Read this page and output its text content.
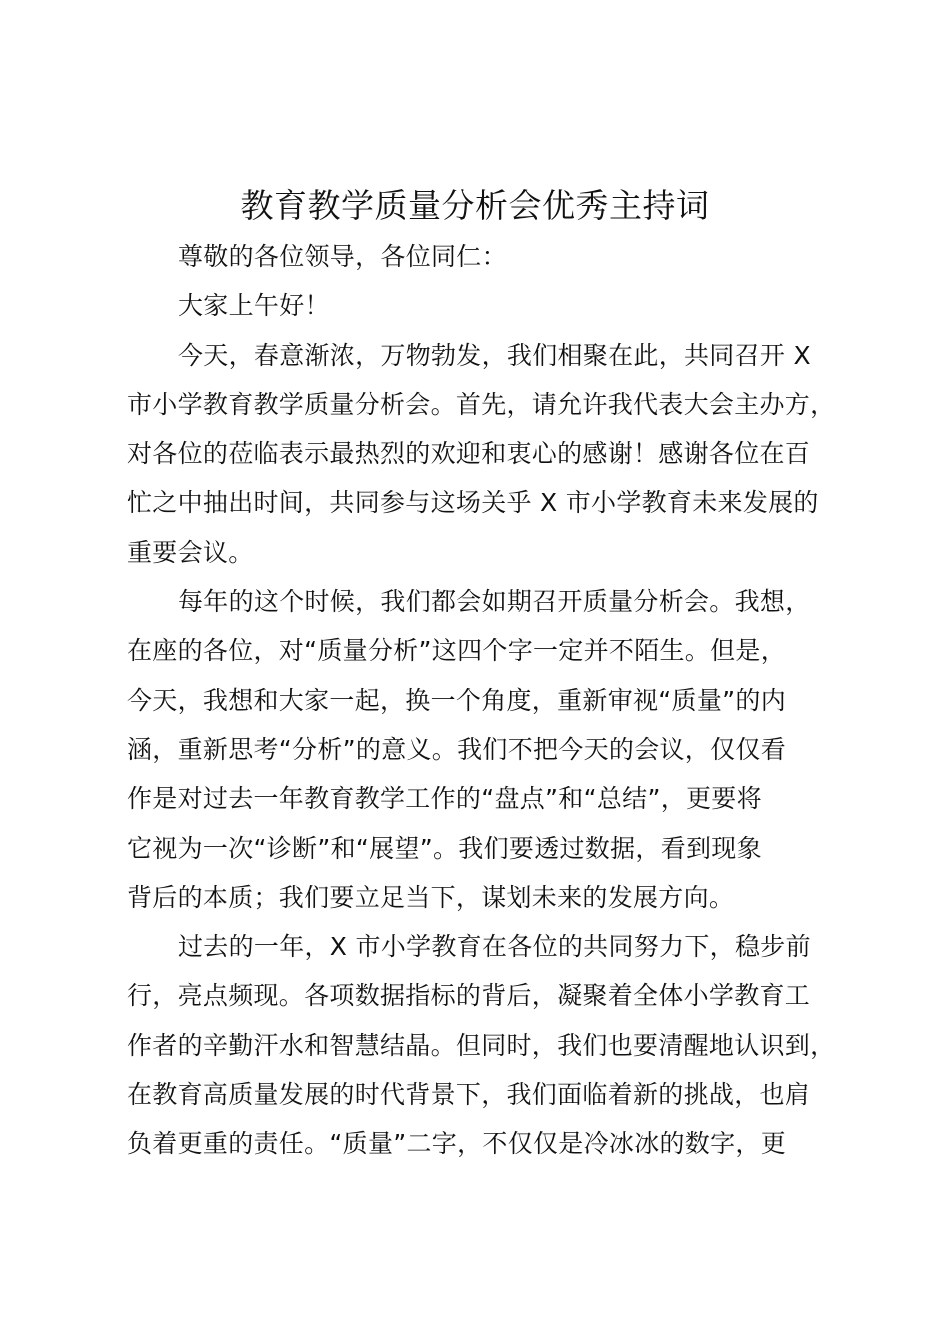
教育教学质量分析会优秀主持词
尊敬的各位领导，各位同仁：
大家上午好！
今天，春意渐浓，万物勃发，我们相聚在此，共同召开 X
市小学教育教学质量分析会。首先，请允许我代表大会主办方，
对各位的莅临表示最热烈的欢迎和衷心的感谢！感谢各位在百
忙之中抽出时间，共同参与这场关乎 X 市小学教育未来发展的
重要会议。
每年的这个时候，我们都会如期召开质量分析会。我想，
在座的各位，对“质量分析”这四个字一定并不陌生。但是，
今天，我想和大家一起，换一个角度，重新审视“质量”的内
涵，重新思考“分析”的意义。我们不把今天的会议，仅仅看
作是对过去一年教育教学工作的“盘点”和“总结”，更要将
它视为一次“诊断”和“展望”。我们要透过数据，看到现象
背后的本质；我们要立足当下，谋划未来的发展方向。
过去的一年，X 市小学教育在各位的共同努力下，稳步前
行，亮点频现。各项数据指标的背后，凝聚着全体小学教育工
作者的辛勤汗水和智慧结晶。但同时，我们也要清醒地认识到，
在教育高质量发展的时代背景下，我们面临着新的挑战，也肩
负着更重的责任。“质量”二字，不仅仅是冷冰冰的数字，更
